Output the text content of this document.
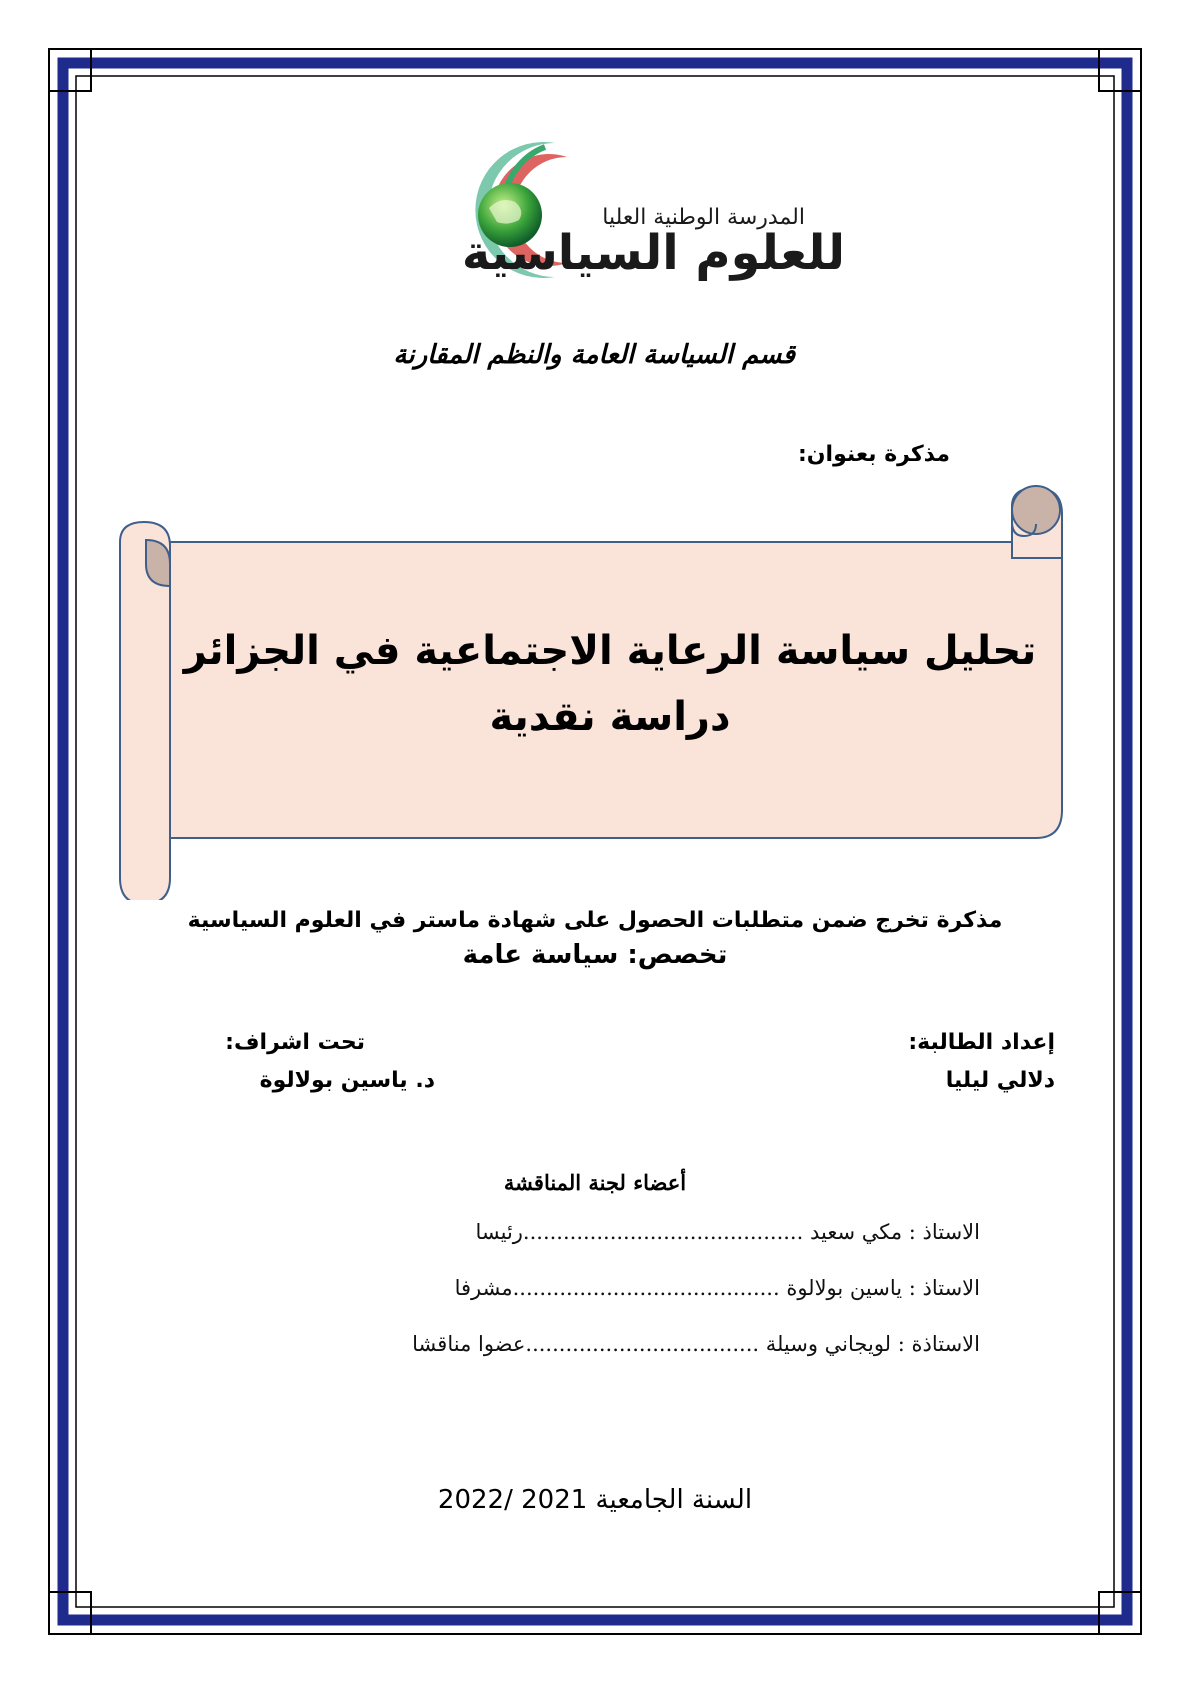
المدرسة الوطنية العليا
للعلوم السياسية
قسم السياسة العامة والنظم المقارنة
مذكرة بعنوان:
تحليل سياسة الرعاية الاجتماعية في الجزائر
دراسة نقدية
مذكرة تخرج ضمن متطلبات الحصول على شهادة ماستر في العلوم السياسية
تخصص: سياسة عامة
إعداد الطالبة:
دلالي ليليا
تحت اشراف:
د. ياسين بولالوة
أعضاء لجنة المناقشة
الاستاذ : مكي سعيد ..........................................رئيسا
الاستاذ : ياسين بولالوة ........................................مشرفا
الاستاذة : لويجاني وسيلة ...................................عضوا مناقشا
السنة الجامعية 2021 /2022
